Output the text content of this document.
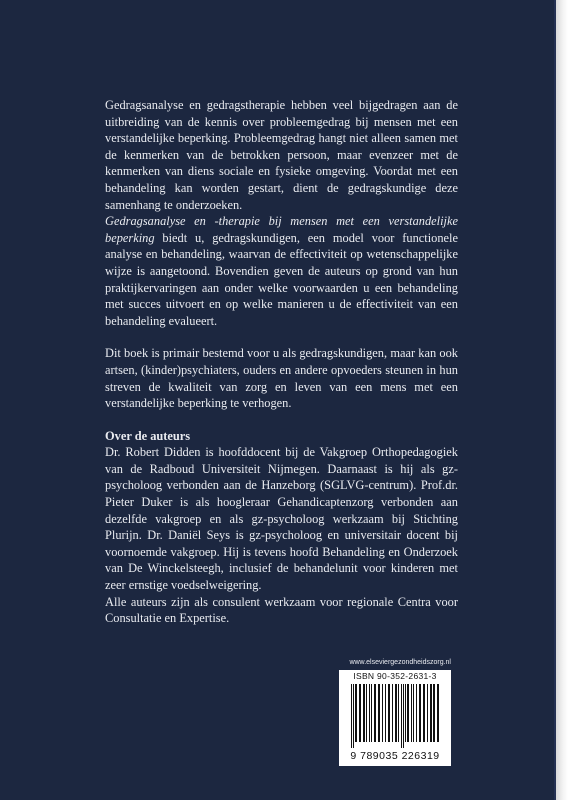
Gedragsanalyse en gedragstherapie hebben veel bijgedragen aan de uitbreiding van de kennis over probleemgedrag bij mensen met een verstandelijke beperking. Probleemgedrag hangt niet alleen samen met de kenmerken van de betrokken persoon, maar evenzeer met de kenmerken van diens sociale en fysieke omgeving. Voordat met een behandeling kan worden gestart, dient de gedragskundige deze samenhang te onderzoeken.

Gedragsanalyse en -therapie bij mensen met een verstandelijke beperking biedt u, gedragskundigen, een model voor functionele analyse en behandeling, waarvan de effectiviteit op wetenschappelijke wijze is aangetoond. Bovendien geven de auteurs op grond van hun praktijkervaringen aan onder welke voorwaarden u een behandeling met succes uitvoert en op welke manieren u de effectiviteit van een behandeling evalueert.

Dit boek is primair bestemd voor u als gedragskundigen, maar kan ook artsen, (kinder)psychiaters, ouders en andere opvoeders steunen in hun streven de kwaliteit van zorg en leven van een mens met een verstandelijke beperking te verhogen.

Over de auteurs

Dr. Robert Didden is hoofddocent bij de Vakgroep Orthopedagogiek van de Radboud Universiteit Nijmegen. Daarnaast is hij als gz-psycholoog verbonden aan de Hanzeborg (SGLVG-centrum). Prof.dr. Pieter Duker is als hoogleraar Gehandicaptenzorg verbonden aan dezelfde vakgroep en als gz-psycholoog werkzaam bij Stichting Plurijn. Dr. Daniël Seys is gz-psycholoog en universitair docent bij voornoemde vakgroep. Hij is tevens hoofd Behandeling en Onderzoek van De Winckelsteegh, inclusief de behandelunit voor kinderen met zeer ernstige voedselweigering.

Alle auteurs zijn als consulent werkzaam voor regionale Centra voor Consultatie en Expertise.

www.elseviergezondheidszorg.nl
ISBN 90-352-2631-3
9 789035 226319
